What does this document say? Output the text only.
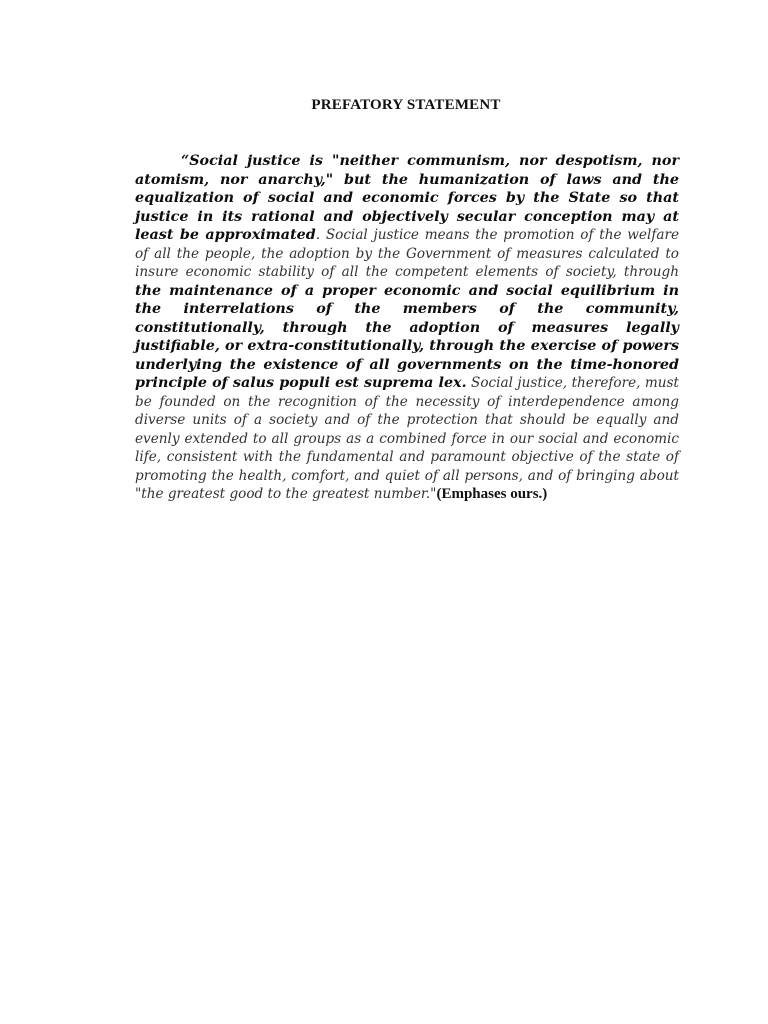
PREFATORY STATEMENT

“Social justice is "neither communism, nor despotism, nor atomism, nor anarchy," but the humanization of laws and the equalization of social and economic forces by the State so that justice in its rational and objectively secular conception may at least be approximated. Social justice means the promotion of the welfare of all the people, the adoption by the Government of measures calculated to insure economic stability of all the competent elements of society, through the maintenance of a proper economic and social equilibrium in the interrelations of the members of the community, constitutionally, through the adoption of measures legally justifiable, or extra-constitutionally, through the exercise of powers underlying the existence of all governments on the time-honored principle of salus populi est suprema lex. Social justice, therefore, must be founded on the recognition of the necessity of interdependence among diverse units of a society and of the protection that should be equally and evenly extended to all groups as a combined force in our social and economic life, consistent with the fundamental and paramount objective of the state of promoting the health, comfort, and quiet of all persons, and of bringing about "the greatest good to the greatest number."(Emphases ours.)
